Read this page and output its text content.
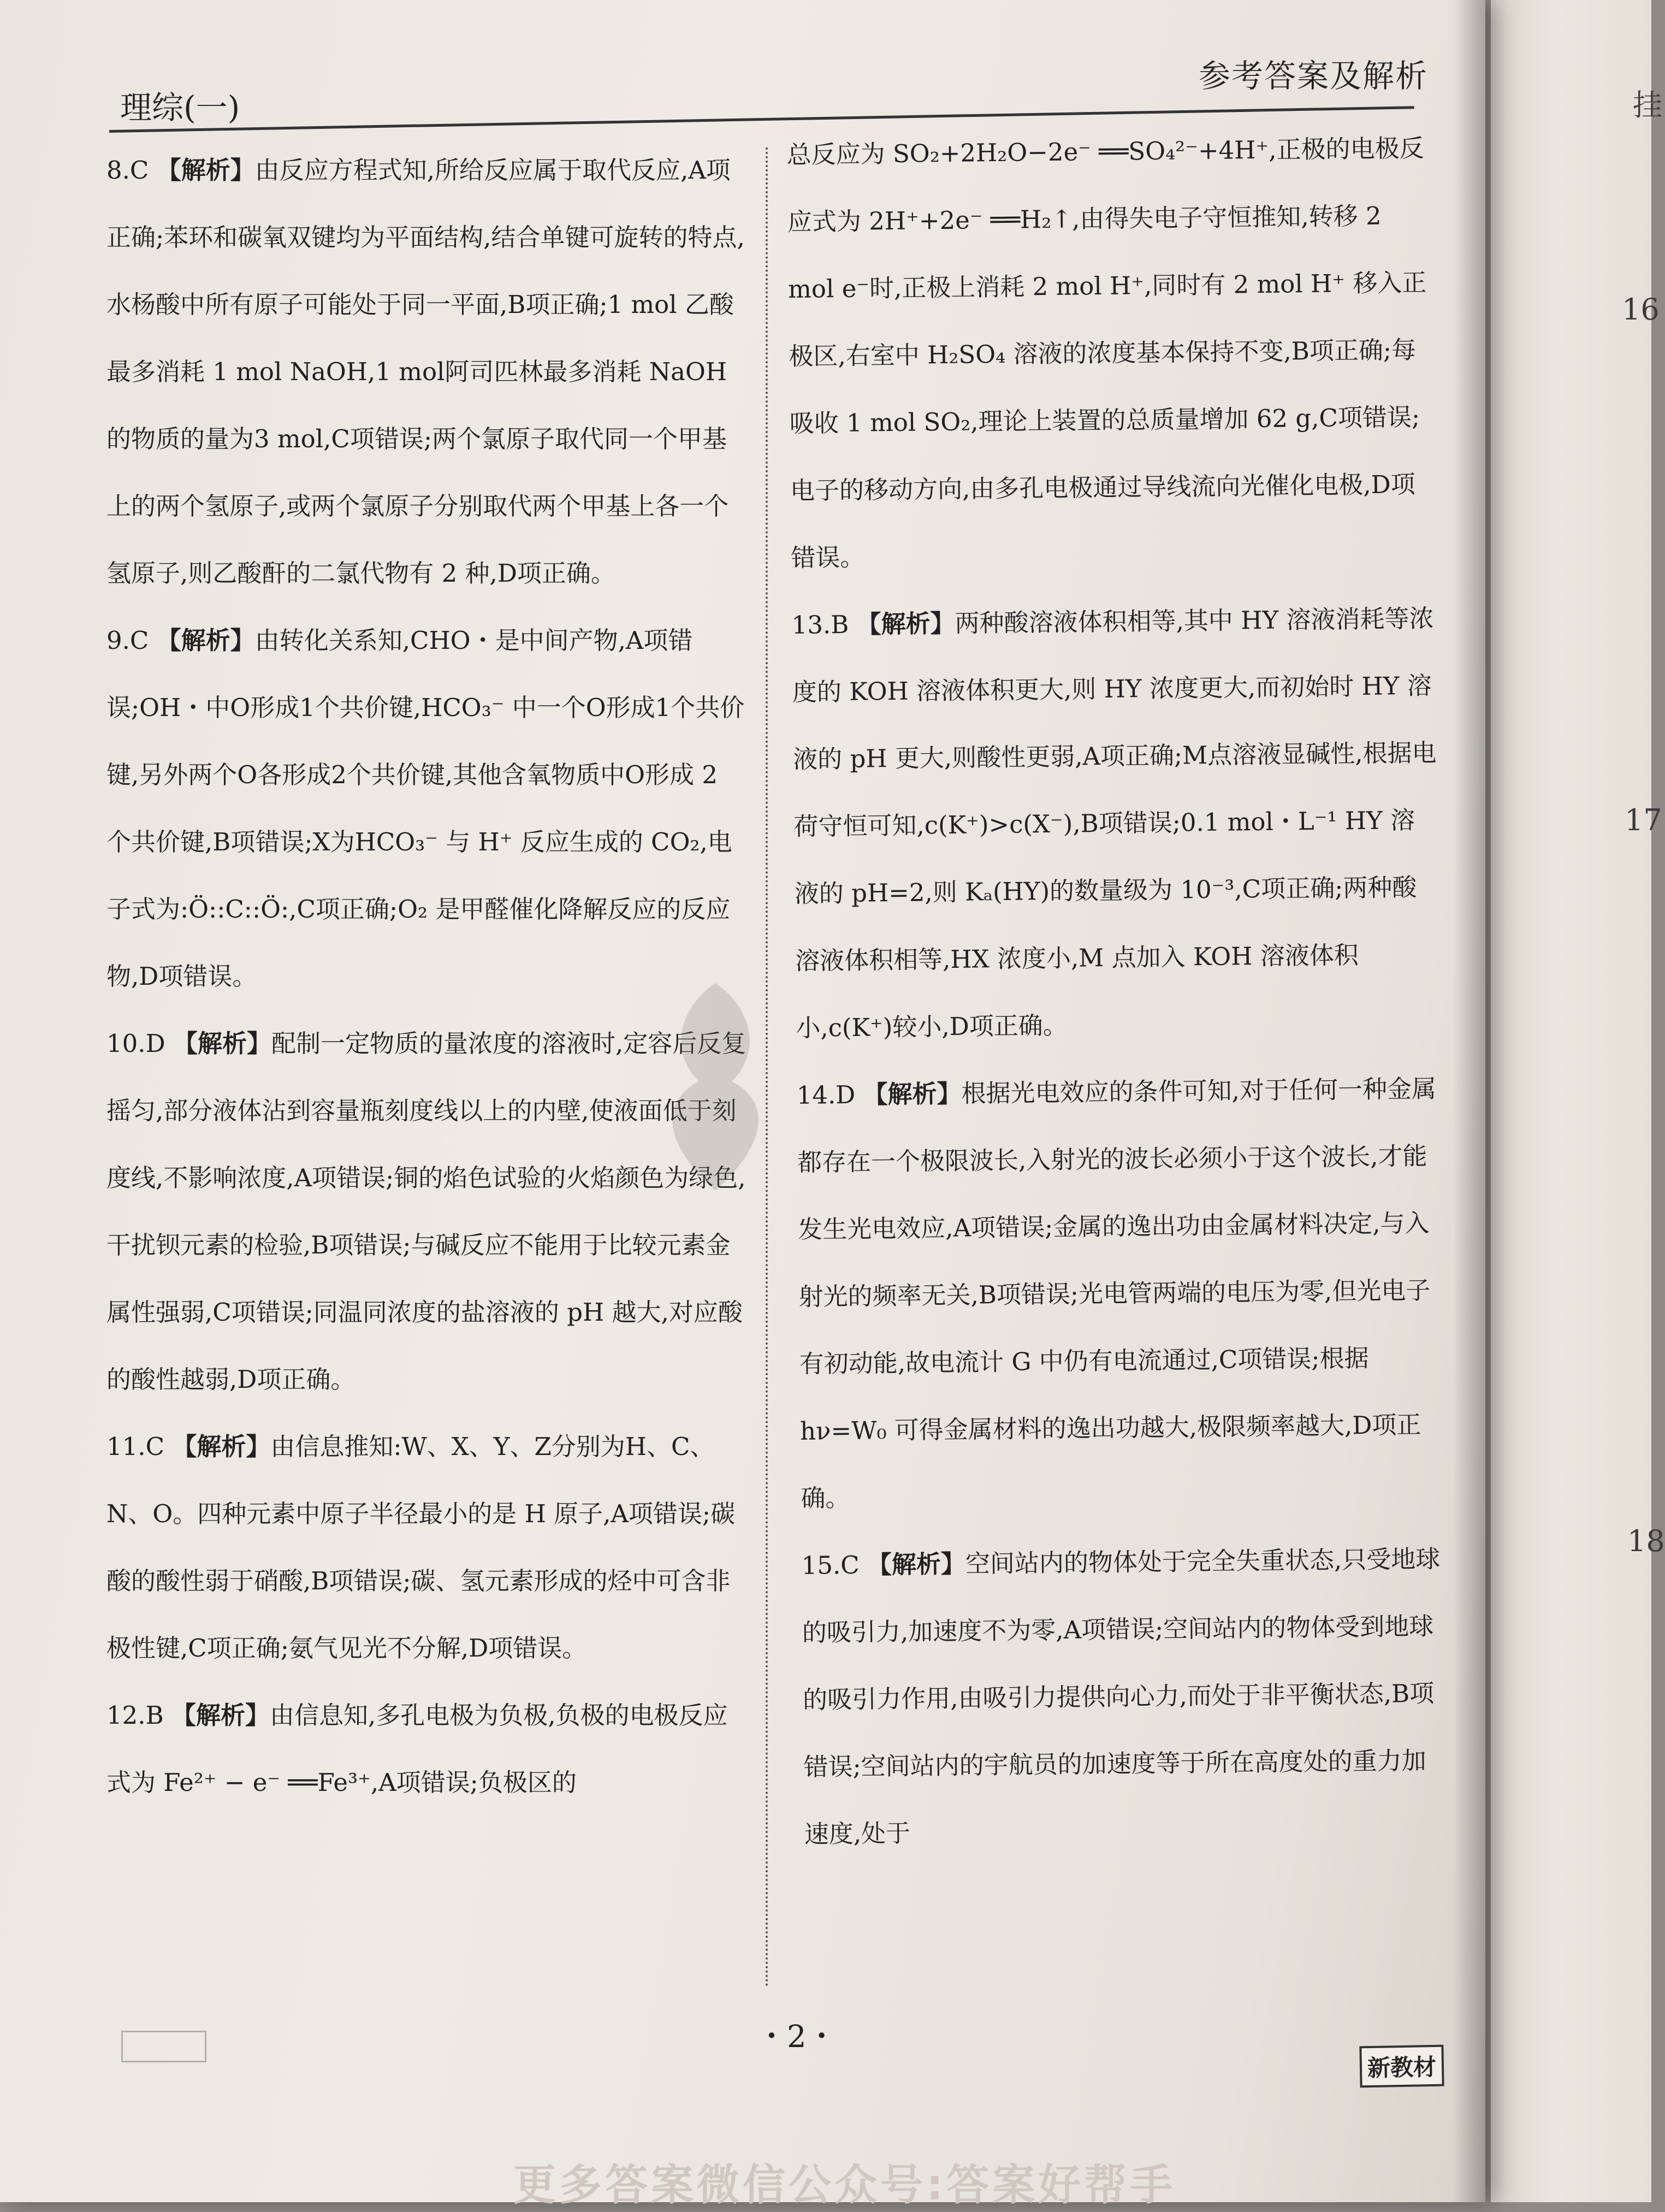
挂
16
17
18
理综(一)
参考答案及解析
8.C 【解析】由反应方程式知,所给反应属于取代反应,A项正确;苯环和碳氧双键均为平面结构,结合单键可旋转的特点,水杨酸中所有原子可能处于同一平面,B项正确;1 mol 乙酸最多消耗 1 mol NaOH,1 mol阿司匹林最多消耗 NaOH 的物质的量为3 mol,C项错误;两个氯原子取代同一个甲基上的两个氢原子,或两个氯原子分别取代两个甲基上各一个氢原子,则乙酸酐的二氯代物有 2 种,D项正确。
9.C 【解析】由转化关系知,CHO・是中间产物,A项错误;OH・中O形成1个共价键,HCO₃⁻ 中一个O形成1个共价键,另外两个O各形成2个共价键,其他含氧物质中O形成 2 个共价键,B项错误;X为HCO₃⁻ 与 H⁺ 反应生成的 CO₂,电子式为:Ö::C::Ö:,C项正确;O₂ 是甲醛催化降解反应的反应物,D项错误。
10.D 【解析】配制一定物质的量浓度的溶液时,定容后反复摇匀,部分液体沾到容量瓶刻度线以上的内壁,使液面低于刻度线,不影响浓度,A项错误;铜的焰色试验的火焰颜色为绿色,干扰钡元素的检验,B项错误;与碱反应不能用于比较元素金属性强弱,C项错误;同温同浓度的盐溶液的 pH 越大,对应酸的酸性越弱,D项正确。
11.C 【解析】由信息推知:W、X、Y、Z分别为H、C、N、O。四种元素中原子半径最小的是 H 原子,A项错误;碳酸的酸性弱于硝酸,B项错误;碳、氢元素形成的烃中可含非极性键,C项正确;氨气见光不分解,D项错误。
12.B 【解析】由信息知,多孔电极为负极,负极的电极反应式为 Fe²⁺ − e⁻ ══Fe³⁺,A项错误;负极区的
总反应为 SO₂+2H₂O−2e⁻ ══SO₄²⁻+4H⁺,正极的电极反应式为 2H⁺+2e⁻ ══H₂↑,由得失电子守恒推知,转移 2 mol e⁻时,正极上消耗 2 mol H⁺,同时有 2 mol H⁺ 移入正极区,右室中 H₂SO₄ 溶液的浓度基本保持不变,B项正确;每吸收 1 mol SO₂,理论上装置的总质量增加 62 g,C项错误;电子的移动方向,由多孔电极通过导线流向光催化电极,D项错误。
13.B 【解析】两种酸溶液体积相等,其中 HY 溶液消耗等浓度的 KOH 溶液体积更大,则 HY 浓度更大,而初始时 HY 溶液的 pH 更大,则酸性更弱,A项正确;M点溶液显碱性,根据电荷守恒可知,c(K⁺)>c(X⁻),B项错误;0.1 mol・L⁻¹ HY 溶液的 pH=2,则 Kₐ(HY)的数量级为 10⁻³,C项正确;两种酸溶液体积相等,HX 浓度小,M 点加入 KOH 溶液体积小,c(K⁺)较小,D项正确。
14.D 【解析】根据光电效应的条件可知,对于任何一种金属都存在一个极限波长,入射光的波长必须小于这个波长,才能发生光电效应,A项错误;金属的逸出功由金属材料决定,与入射光的频率无关,B项错误;光电管两端的电压为零,但光电子有初动能,故电流计 G 中仍有电流通过,C项错误;根据 hν=W₀ 可得金属材料的逸出功越大,极限频率越大,D项正确。
15.C 【解析】空间站内的物体处于完全失重状态,只受地球的吸引力,加速度不为零,A项错误;空间站内的物体受到地球的吸引力作用,由吸引力提供向心力,而处于非平衡状态,B项错误;空间站内的宇航员的加速度等于所在高度处的重力加速度,处于
・2・
新教材
更多答案微信公众号:答案好帮手
